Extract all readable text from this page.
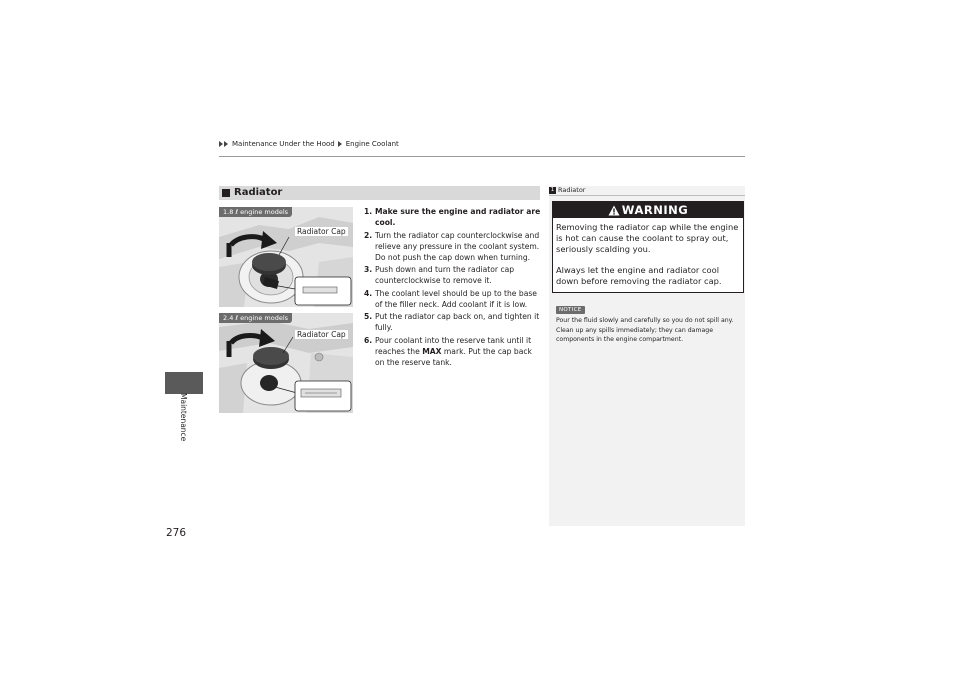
Maintenance Under the Hood Engine Coolant
Maintenance
276
Radiator
1.8 ℓ engine models
Radiator Cap
2.4 ℓ engine models
Radiator Cap
1. Make sure the engine and radiator are cool.
2. Turn the radiator cap counterclockwise and relieve any pressure in the coolant system. Do not push the cap down when turning.
3. Push down and turn the radiator cap counterclockwise to remove it.
4. The coolant level should be up to the base of the filler neck. Add coolant if it is low.
5. Put the radiator cap back on, and tighten it fully.
6. Pour coolant into the reserve tank until it reaches the MAX mark. Put the cap back on the reserve tank.
1 Radiator
WARNING
Removing the radiator cap while the engine is hot can cause the coolant to spray out, seriously scalding you.
Always let the engine and radiator cool down before removing the radiator cap.
NOTICE
Pour the fluid slowly and carefully so you do not spill any. Clean up any spills immediately; they can damage components in the engine compartment.
